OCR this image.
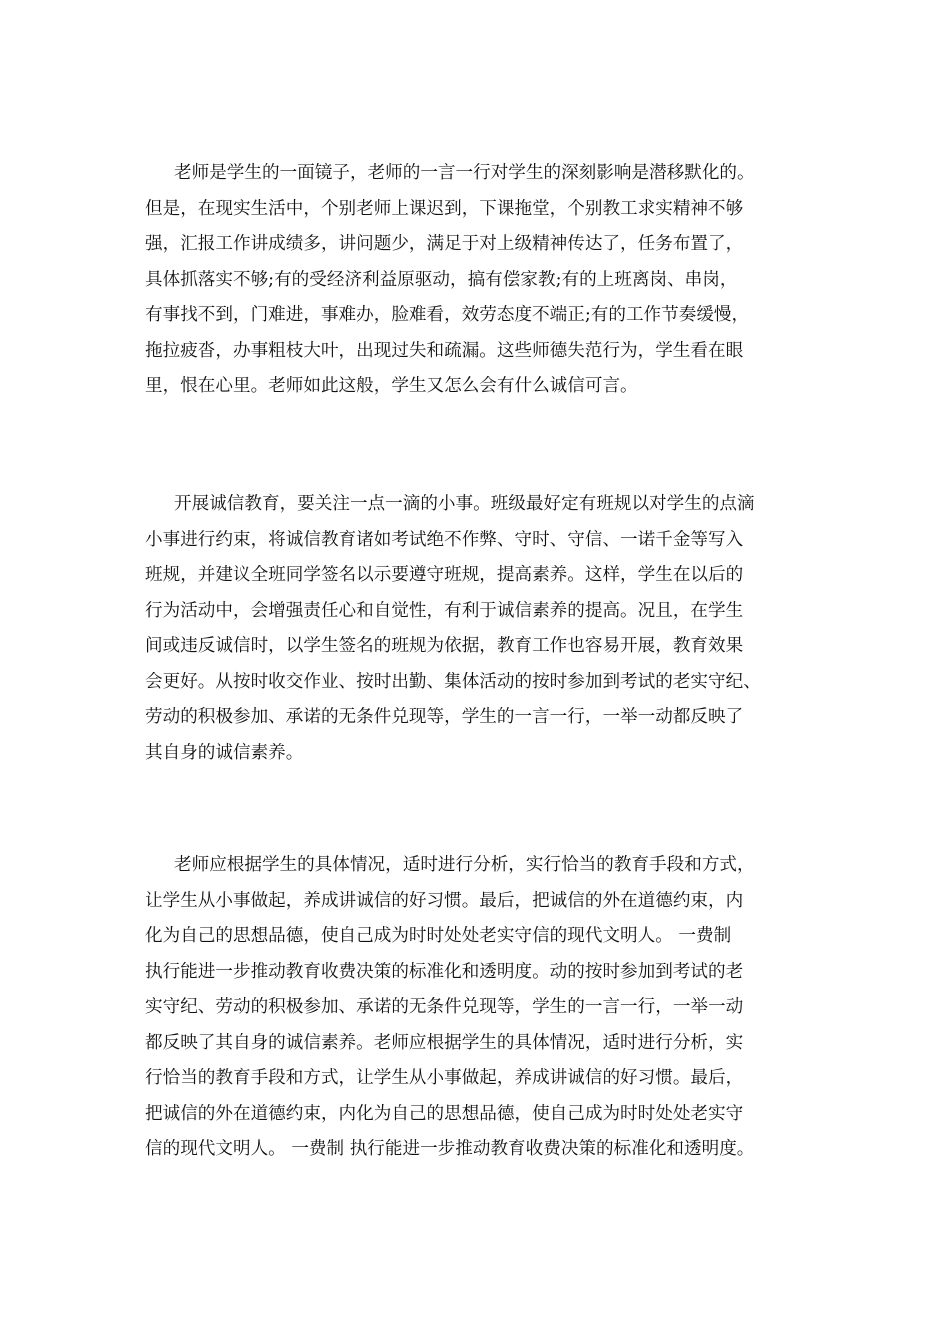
老师是学生的一面镜子，老师的一言一行对学生的深刻影响是潜移默化的。
但是，在现实生活中，个别老师上课迟到，下课拖堂，个别教工求实精神不够
强，汇报工作讲成绩多，讲问题少，满足于对上级精神传达了，任务布置了，
具体抓落实不够;有的受经济利益原驱动，搞有偿家教;有的上班离岗、串岗，
有事找不到，门难进，事难办，脸难看，效劳态度不端正;有的工作节奏缓慢，
拖拉疲沓，办事粗枝大叶，出现过失和疏漏。这些师德失范行为，学生看在眼
里，恨在心里。老师如此这般，学生又怎么会有什么诚信可言。
开展诚信教育，要关注一点一滴的小事。班级最好定有班规以对学生的点滴
小事进行约束，将诚信教育诸如考试绝不作弊、守时、守信、一诺千金等写入
班规，并建议全班同学签名以示要遵守班规，提高素养。这样，学生在以后的
行为活动中，会增强责任心和自觉性，有利于诚信素养的提高。况且，在学生
间或违反诚信时，以学生签名的班规为依据，教育工作也容易开展，教育效果
会更好。从按时收交作业、按时出勤、集体活动的按时参加到考试的老实守纪、
劳动的积极参加、承诺的无条件兑现等，学生的一言一行，一举一动都反映了
其自身的诚信素养。
老师应根据学生的具体情况，适时进行分析，实行恰当的教育手段和方式，
让学生从小事做起，养成讲诚信的好习惯。最后，把诚信的外在道德约束，内
化为自己的思想品德，使自己成为时时处处老实守信的现代文明人。 一费制
执行能进一步推动教育收费决策的标准化和透明度。动的按时参加到考试的老
实守纪、劳动的积极参加、承诺的无条件兑现等，学生的一言一行，一举一动
都反映了其自身的诚信素养。老师应根据学生的具体情况，适时进行分析，实
行恰当的教育手段和方式，让学生从小事做起，养成讲诚信的好习惯。最后，
把诚信的外在道德约束，内化为自己的思想品德，使自己成为时时处处老实守
信的现代文明人。 一费制 执行能进一步推动教育收费决策的标准化和透明度。
